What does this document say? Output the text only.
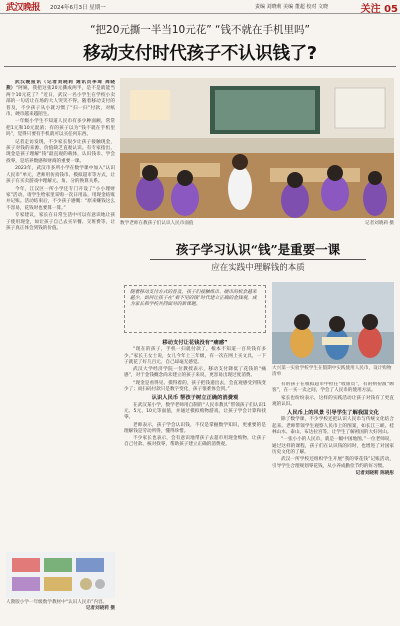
武汉晚报	2024年6月3日 星期一	责编 刘晓莉 美编 董超 校对 文晓	关注 05
“把20元撕一半当10元花” “钱不就在手机里吗”
移动支付时代孩子不认识钱了?

武汉晚报讯（记者刘晓莉 通讯员李琦 周晓燕）“阿姨，我把这张20元撕成两半，是不是就能当两个10元花了？”近日，武汉一名小学生在学校小卖部的一句话让在场的大人哭笑不得。随着移动支付的普及，不少孩子从小就习惯了“扫一扫”付款，对纸币、硬币越来越陌生。

一年级小学生不知道人民币有多少种面额，常常把1元和10元混淆；有的孩子以为“钱不就在手机里吗”，觉得只要有手机就可以买任何东西。

记者走访发现，不少家长很少让孩子接触现金，孩子对钱的来源、价值缺乏直观认识。有专家指出，现金是孩子理解“钱”最直观的载体，认识钱币、学会找零，是培养数感和财商的重要一课。

2023年，武汉市多所小学在数学课中加入“认识人民币”单元，老师用仿真钱币、模拟超市等方式，让孩子在买卖游戏中理解元、角、分的换算关系。

今年，江汉区一所小学还专门开设了“小小理财家”活动，请学生给家里采购一次日用品，用现金结账并记账。活动结束后，不少孩子感慨：“原来赚钱这么不容易，花钱时也要算一算。”

专家建议，家长在日常生活中可以有意识地让孩子使用现金，如让孩子自己去买早餐、交班费等，让孩子真正体会到钱的价值。

数学老师在教孩子们认识人民币面值	记者刘晓莉 摄
孩子学习认识“钱”是重要一课
应在实践中理解钱的本质
随着移动支付方式的普及，孩子们接触纸币、硬币的机会越来越少。如何让孩子在“看不见的钱”时代建立正确的金钱观，成为家长和学校共同面对的新课题。
移动支付让花钱没有“痛感”

“现在的孩子，手机一扫就付款了，根本不知道一百块钱有多少。”家长王女士说，女儿今年上三年级，有一次在网上买文具，一下子就花了好几百元，自己却毫无感觉。

武汉大学经济学院一位教授表示，移动支付降低了花钱的“痛感”，对于金钱概念尚未建立的孩子来说，更容易出现过度消费。

“现金是看得见、摸得着的，孩子把钱递出去，会直观感受到钱变少了；而扫码付款只是数字变化，孩子很难体会到。”

认识人民币 帮孩子树立正确的消费观

在武汉某小学，数学老师用自制的“人民币教具”带领孩子们认识1元、5元、10元等面值，并通过模拟购物游戏，让孩子学会计算和找零。

老师表示，孩子学会认识钱，不仅是掌握数学知识，更重要的是理解钱是劳动所得，懂得珍惜。

不少家长也表示，会有意识地带孩子去超市用现金购物，让孩子自己付款、核对找零，帮助孩子建立正确的消费观。

大兴第一实验学校学生在假期中实践使用人民币，设计购物清单

有的孩子在模拟超市中担任“收银员”，有的则扮演“顾客”，在一买一卖之间，学会了人民币的使用方法。

家长也纷纷表示，这样的实践活动让孩子对钱有了更直观的认识。

人民币上的风景 引导学生了解我国文化

除了数学课，不少学校还把认识人民币与传统文化结合起来。老师带领学生观察人民币上的图案，如长江三峡、桂林山水、泰山、布达拉宫等，让学生了解祖国的大好河山。

“一张小小的人民币，就是一幅中国地图。”一位老师说，通过这样的课程，孩子们在认识钱的同时，也增进了对国家历史文化的了解。

武汉一所学校还组织学生开展“我的零花钱”记账活动，引导学生合理规划零花钱，从小养成勤俭节约的好习惯。

记者刘晓莉 陈晓彤

人教版小学一年级数学教材中“认识人民币”内容。
记者刘晓莉 摄
